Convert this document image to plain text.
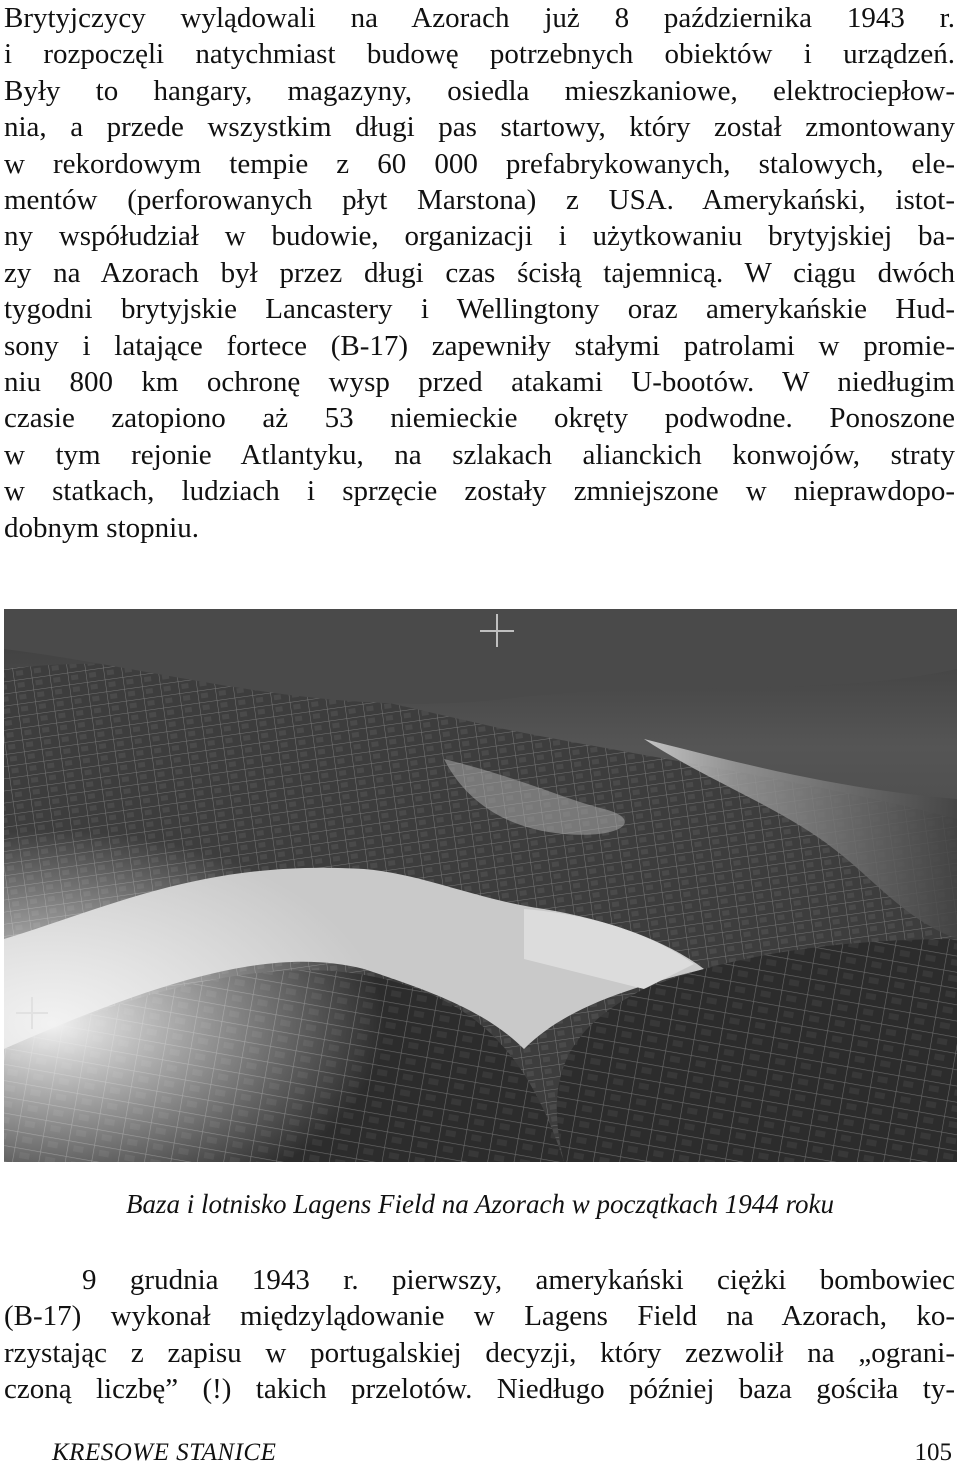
Brytyjczycy wylądowali na Azorach już 8 października 1943 r.
i rozpoczęli natychmiast budowę potrzebnych obiektów i urządzeń.
Były to hangary, magazyny, osiedla mieszkaniowe, elektrociepłow-
nia, a przede wszystkim długi pas startowy, który został zmontowany
w rekordowym tempie z 60 000 prefabrykowanych, stalowych, ele-
mentów (perforowanych płyt Marstona) z USA. Amerykański, istot-
ny współudział w budowie, organizacji i użytkowaniu brytyjskiej ba-
zy na Azorach był przez długi czas ścisłą tajemnicą. W ciągu dwóch
tygodni brytyjskie Lancastery i Wellingtony oraz amerykańskie Hud-
sony i latające fortece (B-17) zapewniły stałymi patrolami w promie-
niu 800 km ochronę wysp przed atakami U-bootów. W niedługim
czasie zatopiono aż 53 niemieckie okręty podwodne. Ponoszone
w tym rejonie Atlantyku, na szlakach alianckich konwojów, straty
w statkach, ludziach i sprzęcie zostały zmniejszone w nieprawdopo-
dobnym stopniu.

Baza i lotnisko Lagens Field na Azorach w początkach 1944 roku

9 grudnia 1943 r. pierwszy, amerykański ciężki bombowiec
(B-17) wykonał międzylądowanie w Lagens Field na Azorach, ko-
rzystając z zapisu w portugalskiej decyzji, który zezwolił na „ograni-
czoną liczbę” (!) takich przelotów. Niedługo później baza gościła ty-

KRESOWE STANICE	105
